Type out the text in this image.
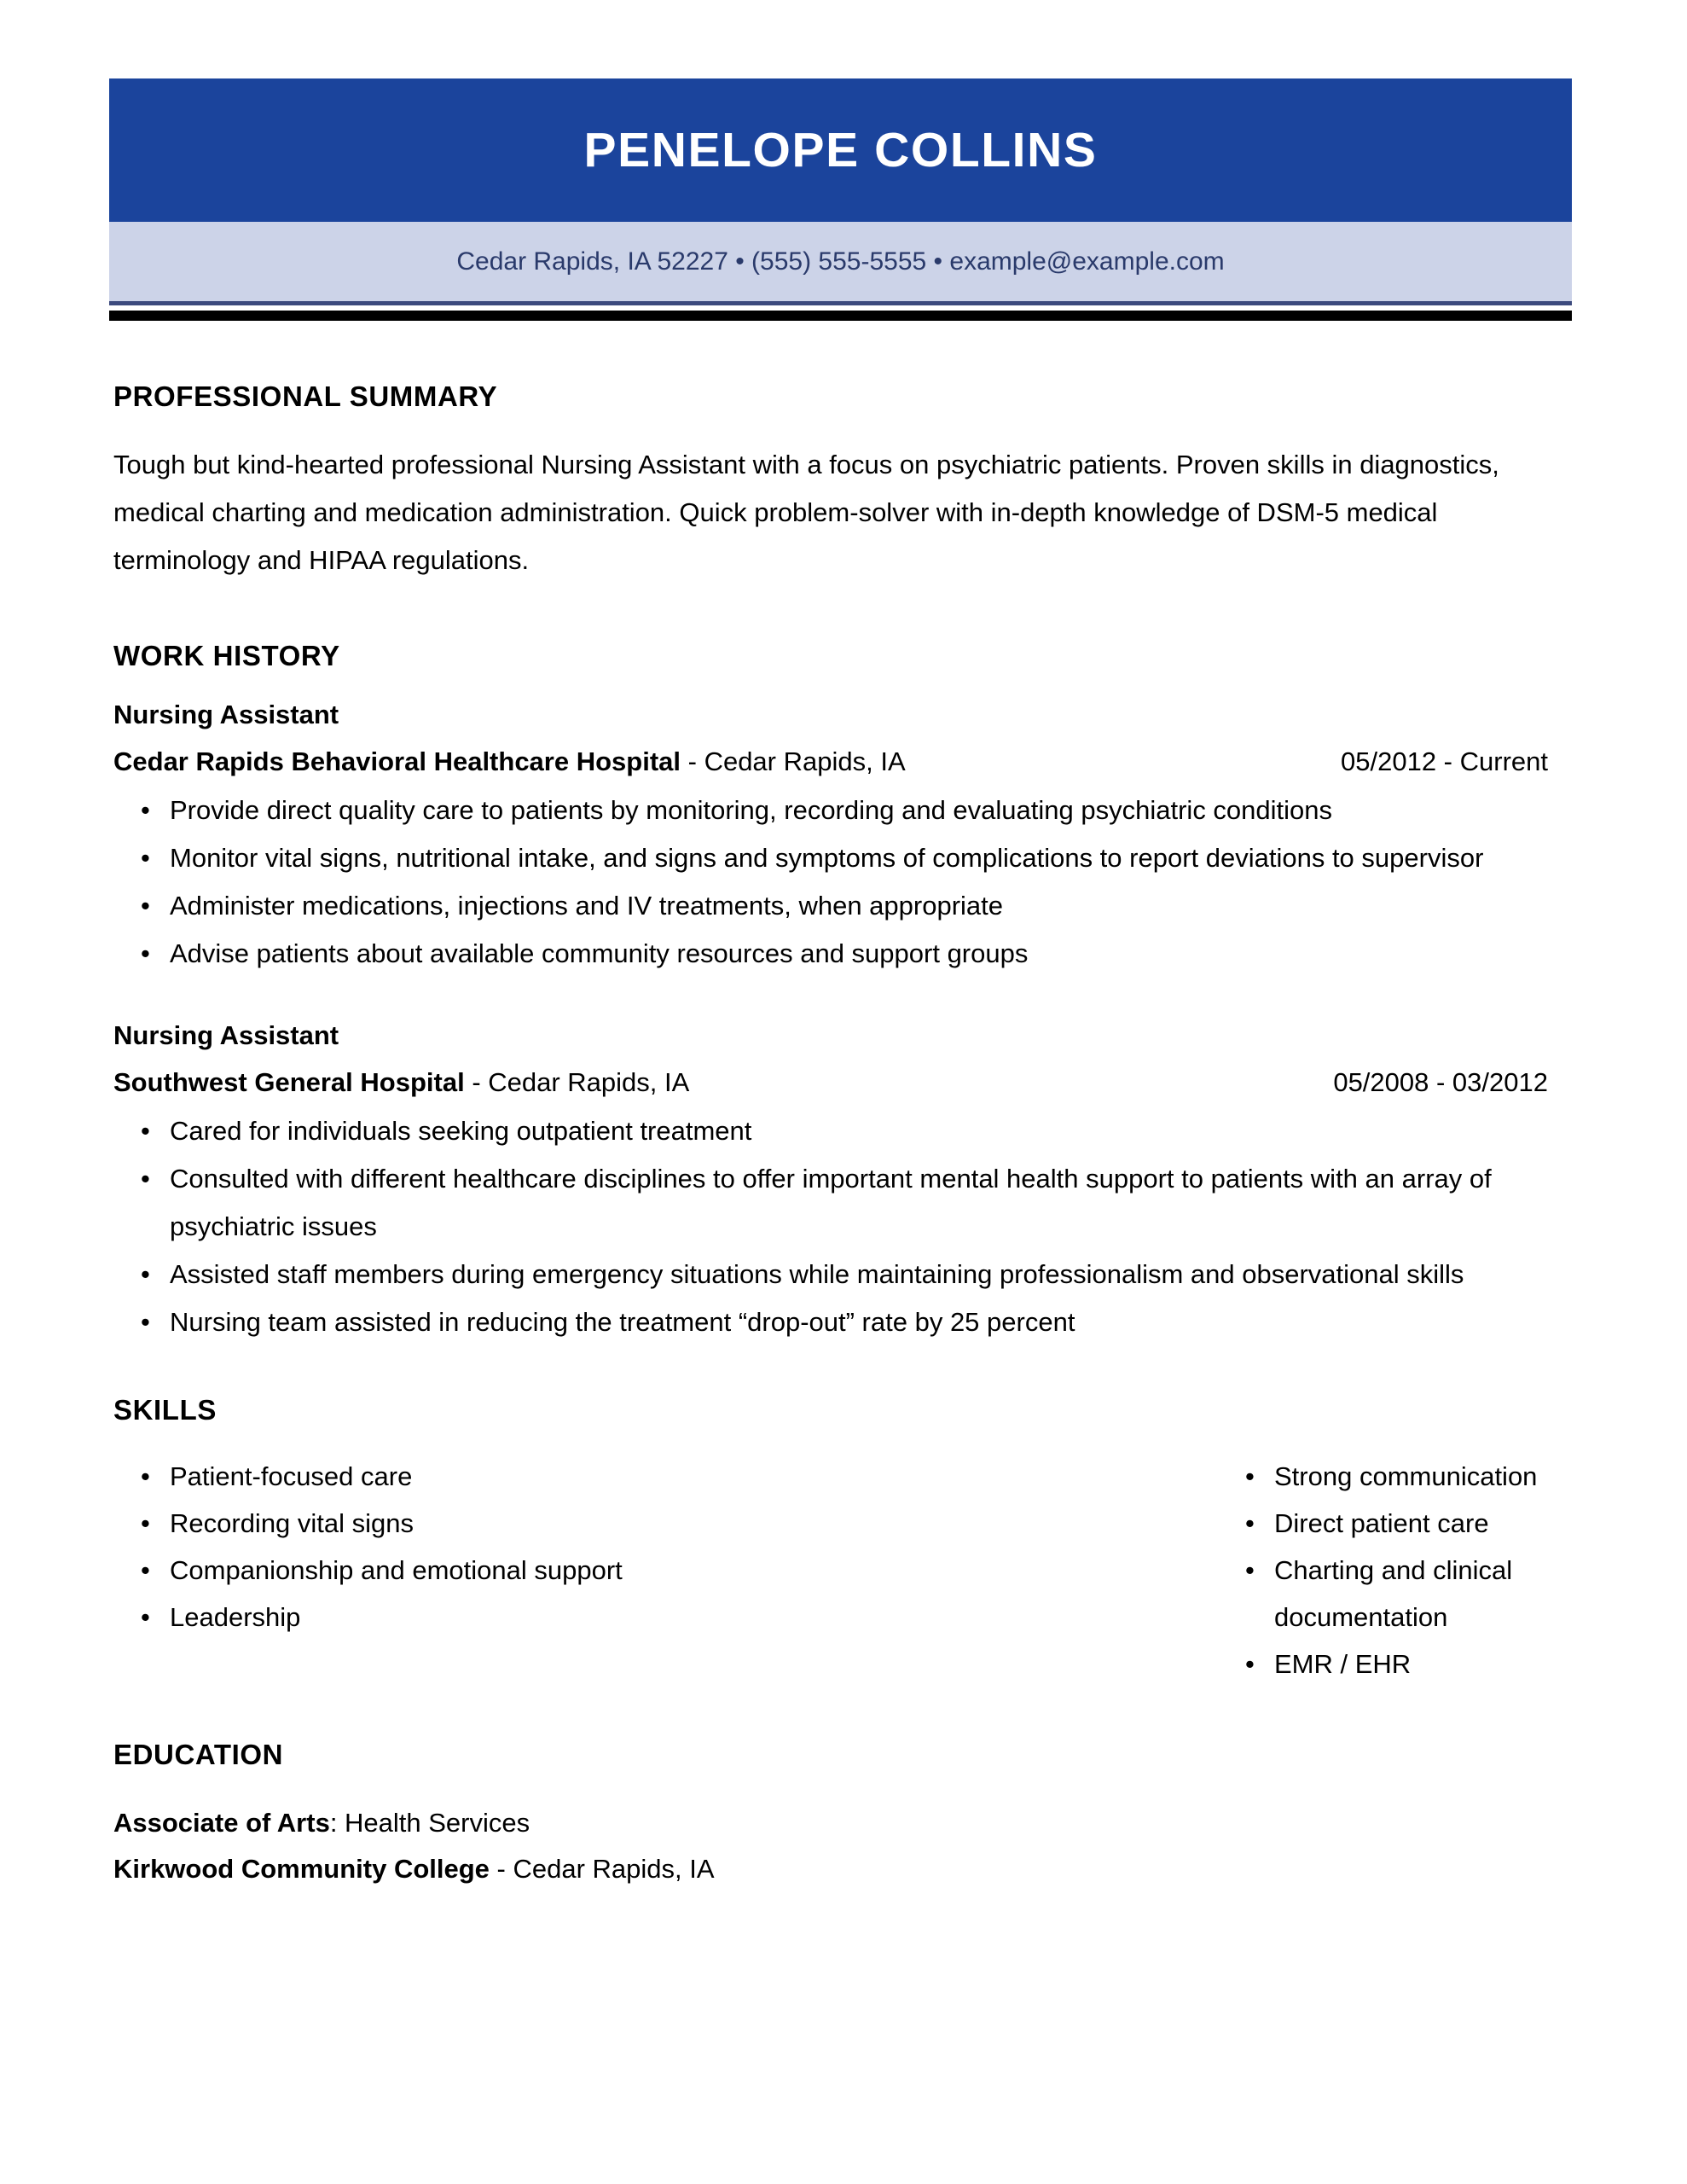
PENELOPE COLLINS
Cedar Rapids, IA 52227 • (555) 555-5555 • example@example.com
PROFESSIONAL SUMMARY

Tough but kind-hearted professional Nursing Assistant with a focus on psychiatric patients. Proven skills in diagnostics, medical charting and medication administration. Quick problem-solver with in-depth knowledge of DSM-5 medical terminology and HIPAA regulations.

WORK HISTORY
Nursing Assistant
Cedar Rapids Behavioral Healthcare Hospital - Cedar Rapids, IA	05/2012 - Current
• Provide direct quality care to patients by monitoring, recording and evaluating psychiatric conditions
• Monitor vital signs, nutritional intake, and signs and symptoms of complications to report deviations to supervisor
• Administer medications, injections and IV treatments, when appropriate
• Advise patients about available community resources and support groups
Nursing Assistant
Southwest General Hospital - Cedar Rapids, IA	05/2008 - 03/2012
• Cared for individuals seeking outpatient treatment
• Consulted with different healthcare disciplines to offer important mental health support to patients with an array of psychiatric issues
• Assisted staff members during emergency situations while maintaining professionalism and observational skills
• Nursing team assisted in reducing the treatment “drop-out” rate by 25 percent
SKILLS
• Patient-focused care
• Recording vital signs
• Companionship and emotional support
• Leadership
• Strong communication
• Direct patient care
• Charting and clinical documentation
• EMR / EHR
EDUCATION
Associate of Arts: Health Services
Kirkwood Community College - Cedar Rapids, IA
